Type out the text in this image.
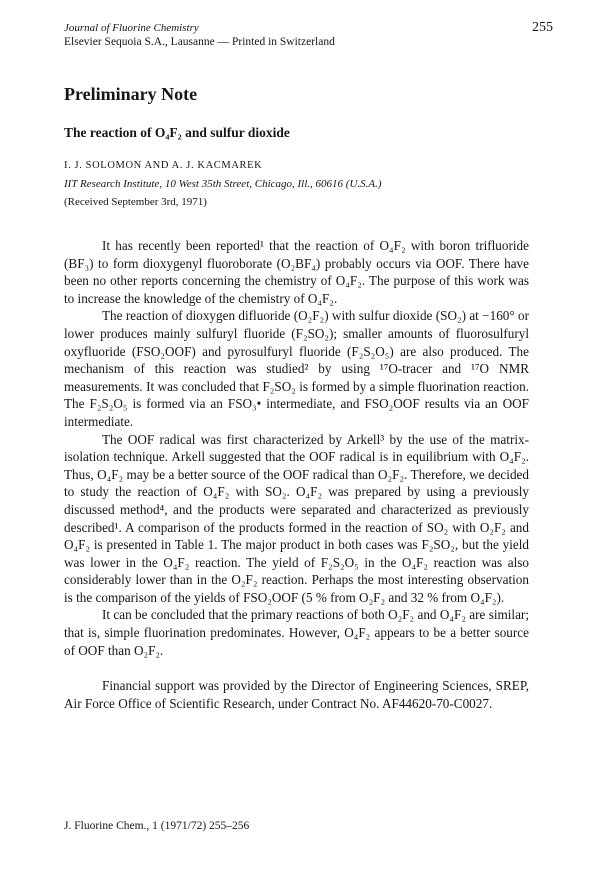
Journal of Fluorine Chemistry	255
Elsevier Sequoia S.A., Lausanne — Printed in Switzerland
Preliminary Note
The reaction of O₄F₂ and sulfur dioxide
I. J. SOLOMON AND A. J. KACMAREK
IIT Research Institute, 10 West 35th Street, Chicago, Ill., 60616 (U.S.A.)
(Received September 3rd, 1971)

It has recently been reported¹ that the reaction of O₄F₂ with boron trifluoride (BF₃) to form dioxygenyl fluoroborate (O₂BF₄) probably occurs via OOF. There have been no other reports concerning the chemistry of O₄F₂. The purpose of this work was to increase the knowledge of the chemistry of O₄F₂.

The reaction of dioxygen difluoride (O₂F₂) with sulfur dioxide (SO₂) at −160° or lower produces mainly sulfuryl fluoride (F₂SO₂); smaller amounts of fluorosulfuryl oxyfluoride (FSO₂OOF) and pyrosulfuryl fluoride (F₂S₂O₅) are also produced. The mechanism of this reaction was studied² by using ¹⁷O-tracer and ¹⁷O NMR measurements. It was concluded that F₂SO₂ is formed by a simple fluorination reaction. The F₂S₂O₅ is formed via an FSO₃• intermediate, and FSO₂OOF results via an OOF intermediate.

The OOF radical was first characterized by Arkell³ by the use of the matrix-isolation technique. Arkell suggested that the OOF radical is in equilibrium with O₄F₂. Thus, O₄F₂ may be a better source of the OOF radical than O₂F₂. Therefore, we decided to study the reaction of O₄F₂ with SO₂. O₄F₂ was prepared by using a previously discussed method⁴, and the products were separated and characterized as previously described¹. A comparison of the products formed in the reaction of SO₂ with O₂F₂ and O₄F₂ is presented in Table 1. The major product in both cases was F₂SO₂, but the yield was lower in the O₄F₂ reaction. The yield of F₂S₂O₅ in the O₄F₂ reaction was also considerably lower than in the O₂F₂ reaction. Perhaps the most interesting observation is the comparison of the yields of FSO₂OOF (5 % from O₂F₂ and 32 % from O₄F₂).

It can be concluded that the primary reactions of both O₂F₂ and O₄F₂ are similar; that is, simple fluorination predominates. However, O₄F₂ appears to be a better source of OOF than O₂F₂.

Financial support was provided by the Director of Engineering Sciences, SREP, Air Force Office of Scientific Research, under Contract No. AF44620-70-C0027.

J. Fluorine Chem., 1 (1971/72) 255–256
